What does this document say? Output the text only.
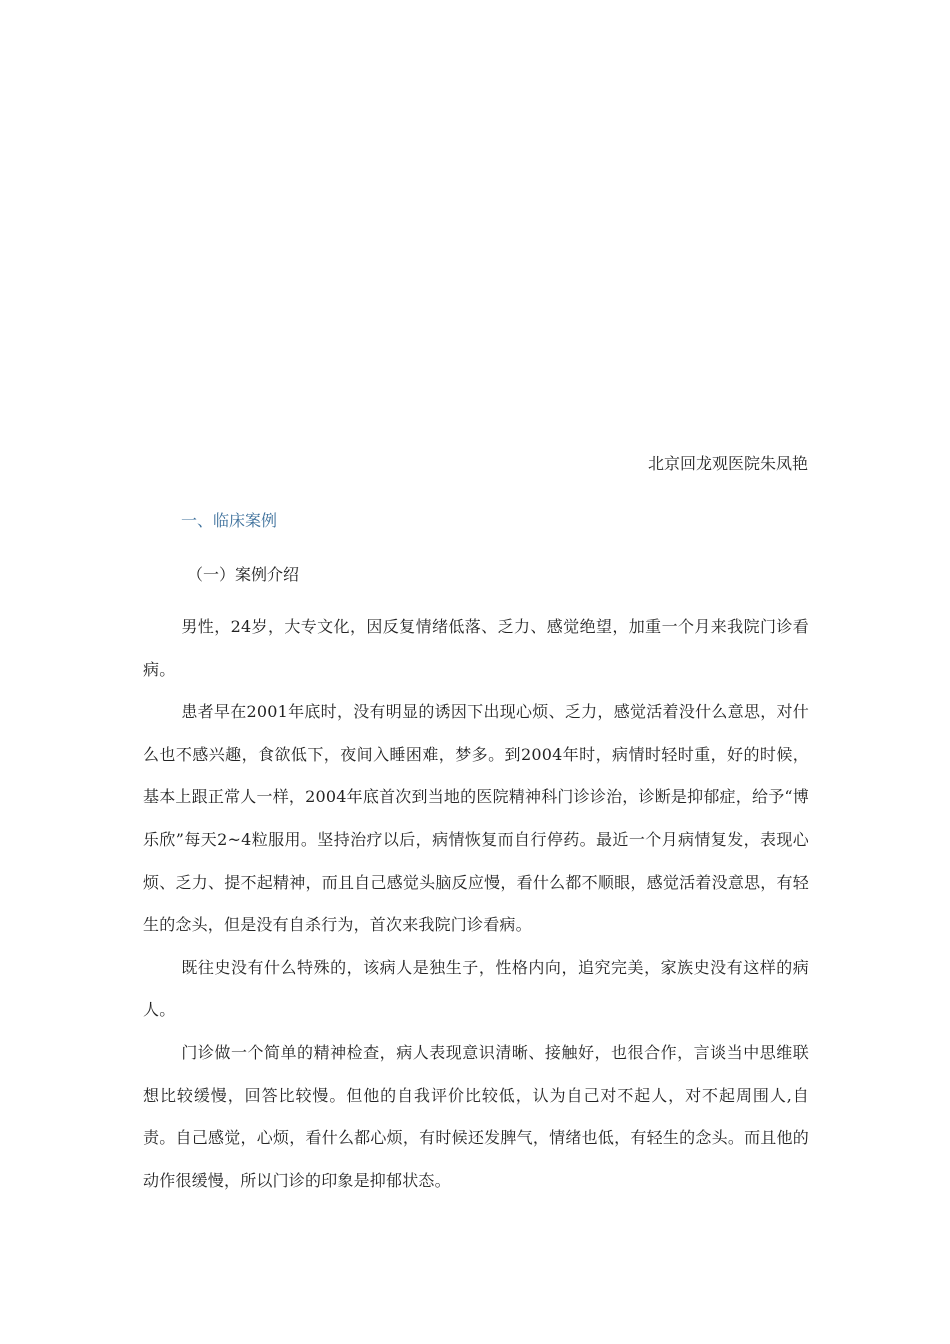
北京回龙观医院朱凤艳
一、临床案例
（一）案例介绍

男性，24岁，大专文化，因反复情绪低落、乏力、感觉绝望，加重一个月来我院门诊看病。

患者早在2001年底时，没有明显的诱因下出现心烦、乏力，感觉活着没什么意思，对什么也不感兴趣，食欲低下，夜间入睡困难，梦多。到2004年时，病情时轻时重，好的时候，基本上跟正常人一样，2004年底首次到当地的医院精神科门诊诊治，诊断是抑郁症，给予“博乐欣”每天2~4粒服用。坚持治疗以后，病情恢复而自行停药。最近一个月病情复发，表现心烦、乏力、提不起精神，而且自己感觉头脑反应慢，看什么都不顺眼，感觉活着没意思，有轻生的念头，但是没有自杀行为，首次来我院门诊看病。

既往史没有什么特殊的，该病人是独生子，性格内向，追究完美，家族史没有这样的病人。

门诊做一个简单的精神检查，病人表现意识清晰、接触好，也很合作，言谈当中思维联想比较缓慢，回答比较慢。但他的自我评价比较低，认为自己对不起人，对不起周围人,自责。自己感觉，心烦，看什么都心烦，有时候还发脾气，情绪也低，有轻生的念头。而且他的动作很缓慢，所以门诊的印象是抑郁状态。
